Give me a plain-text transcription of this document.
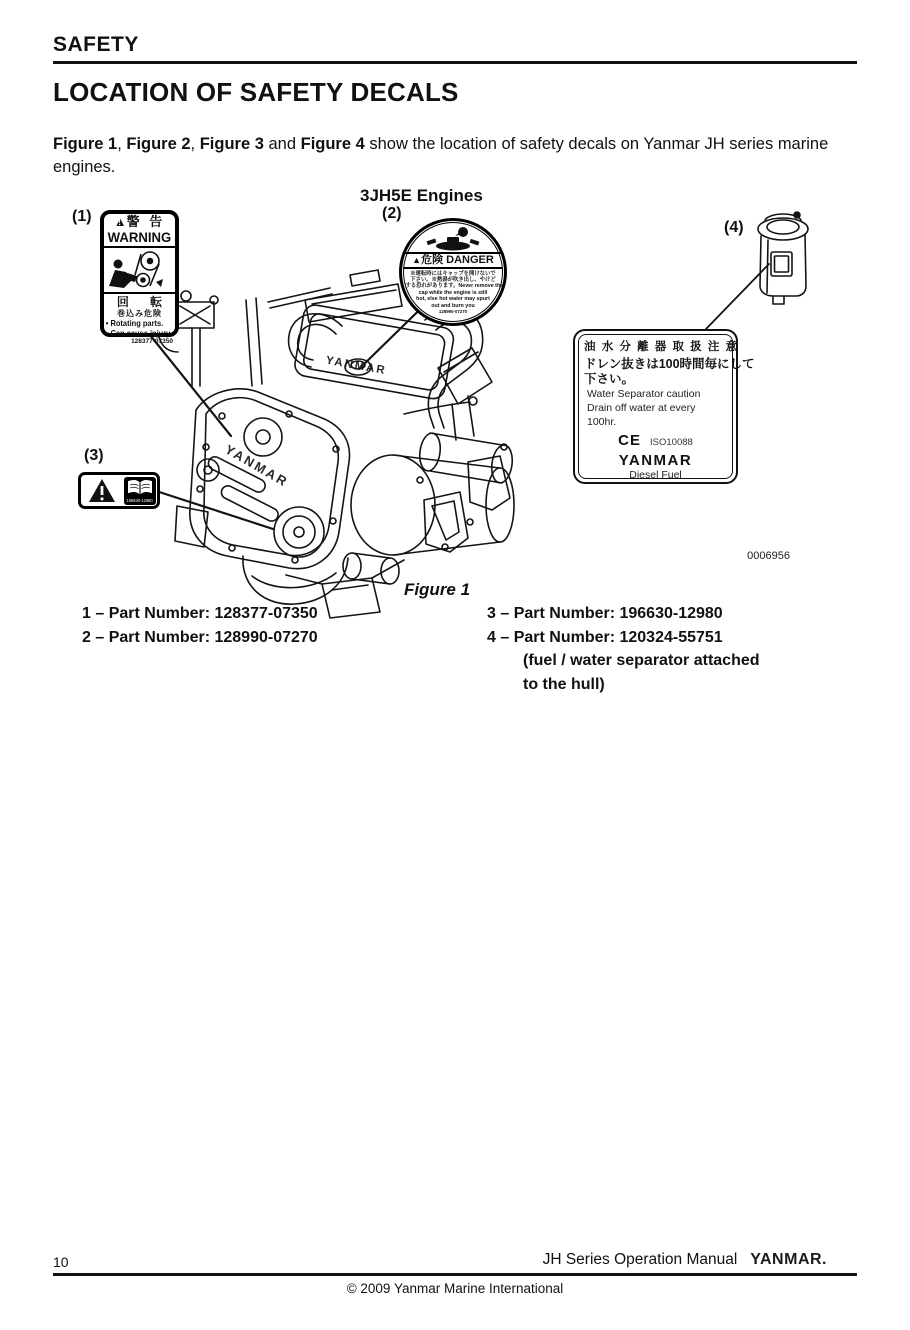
SAFETY
LOCATION OF SAFETY DECALS
Figure 1, Figure 2, Figure 3 and Figure 4 show the location of safety decals on Yanmar JH series marine engines.
YANMAR
YANMAR
3JH5E Engines
(1)	(2)
(3)
(4)
▲ !警 告
WARNING
回 転
巻込み危険
• Rotating parts.
• Can cause injury.
128377-07350
▲危険 DANGER
※運転時にはキャップを開けないで
下さい。※熱湯が吹き出し、やけど
する恐れがあります。Never remove the
cap while the engine is still
hot, else hot water may spurt
out and burn you
128990-07270
196630-12980
油 水 分 離 器 取 扱 注 意
ドレン抜きは100時間毎にして
下さい。
Water Separator caution
Drain off water at every
100hr.
CE ISO10088
YANMAR
Diesel Fuel
0006956
Figure 1
1 – Part Number: 128377-07350
2 – Part Number: 128990-07270
3 – Part Number: 196630-12980
4 – Part Number: 120324-55751
(fuel / water separator attached
to the hull)
10	JH Series Operation Manual YANMAR.
© 2009 Yanmar Marine International
